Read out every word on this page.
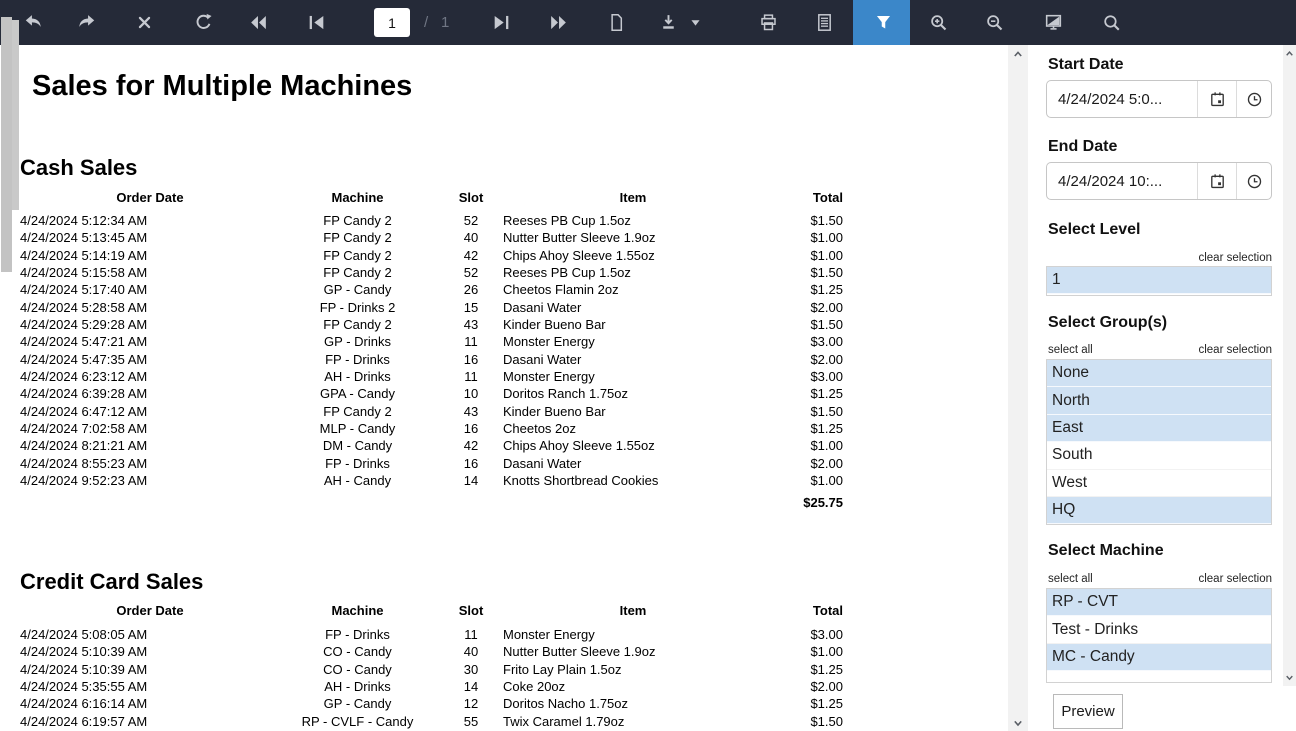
1
/ 1
Sales for Multiple Machines
Cash Sales
Order Date	Machine	Slot	Item	Total
4/24/2024 5:12:34 AM	FP Candy 2	52	Reeses PB Cup 1.5oz	$1.50
4/24/2024 5:13:45 AM	FP Candy 2	40	Nutter Butter Sleeve 1.9oz	$1.00
4/24/2024 5:14:19 AM	FP Candy 2	42	Chips Ahoy Sleeve 1.55oz	$1.00
4/24/2024 5:15:58 AM	FP Candy 2	52	Reeses PB Cup 1.5oz	$1.50
4/24/2024 5:17:40 AM	GP - Candy	26	Cheetos Flamin 2oz	$1.25
4/24/2024 5:28:58 AM	FP - Drinks 2	15	Dasani Water	$2.00
4/24/2024 5:29:28 AM	FP Candy 2	43	Kinder Bueno Bar	$1.50
4/24/2024 5:47:21 AM	GP - Drinks	11	Monster Energy	$3.00
4/24/2024 5:47:35 AM	FP - Drinks	16	Dasani Water	$2.00
4/24/2024 6:23:12 AM	AH - Drinks	11	Monster Energy	$3.00
4/24/2024 6:39:28 AM	GPA - Candy	10	Doritos Ranch 1.75oz	$1.25
4/24/2024 6:47:12 AM	FP Candy 2	43	Kinder Bueno Bar	$1.50
4/24/2024 7:02:58 AM	MLP - Candy	16	Cheetos 2oz	$1.25
4/24/2024 8:21:21 AM	DM - Candy	42	Chips Ahoy Sleeve 1.55oz	$1.00
4/24/2024 8:55:23 AM	FP - Drinks	16	Dasani Water	$2.00
4/24/2024 9:52:23 AM	AH - Candy	14	Knotts Shortbread Cookies	$1.00
$25.75
Credit Card Sales
Order Date	Machine	Slot	Item	Total
4/24/2024 5:08:05 AM	FP - Drinks	11	Monster Energy	$3.00
4/24/2024 5:10:39 AM	CO - Candy	40	Nutter Butter Sleeve 1.9oz	$1.00
4/24/2024 5:10:39 AM	CO - Candy	30	Frito Lay Plain 1.5oz	$1.25
4/24/2024 5:35:55 AM	AH - Drinks	14	Coke 20oz	$2.00
4/24/2024 6:16:14 AM	GP - Candy	12	Doritos Nacho 1.75oz	$1.25
4/24/2024 6:19:57 AM	RP - CVLF - Candy	55	Twix Caramel 1.79oz	$1.50
Start Date
4/24/2024 5:0...
End Date
4/24/2024 10:...
Select Level
clear selection
1
Select Group(s)
select all	clear selection
None
North
East
South
West
HQ
Select Machine
select all	clear selection
RP - CVT
Test - Drinks
MC - Candy
Preview
